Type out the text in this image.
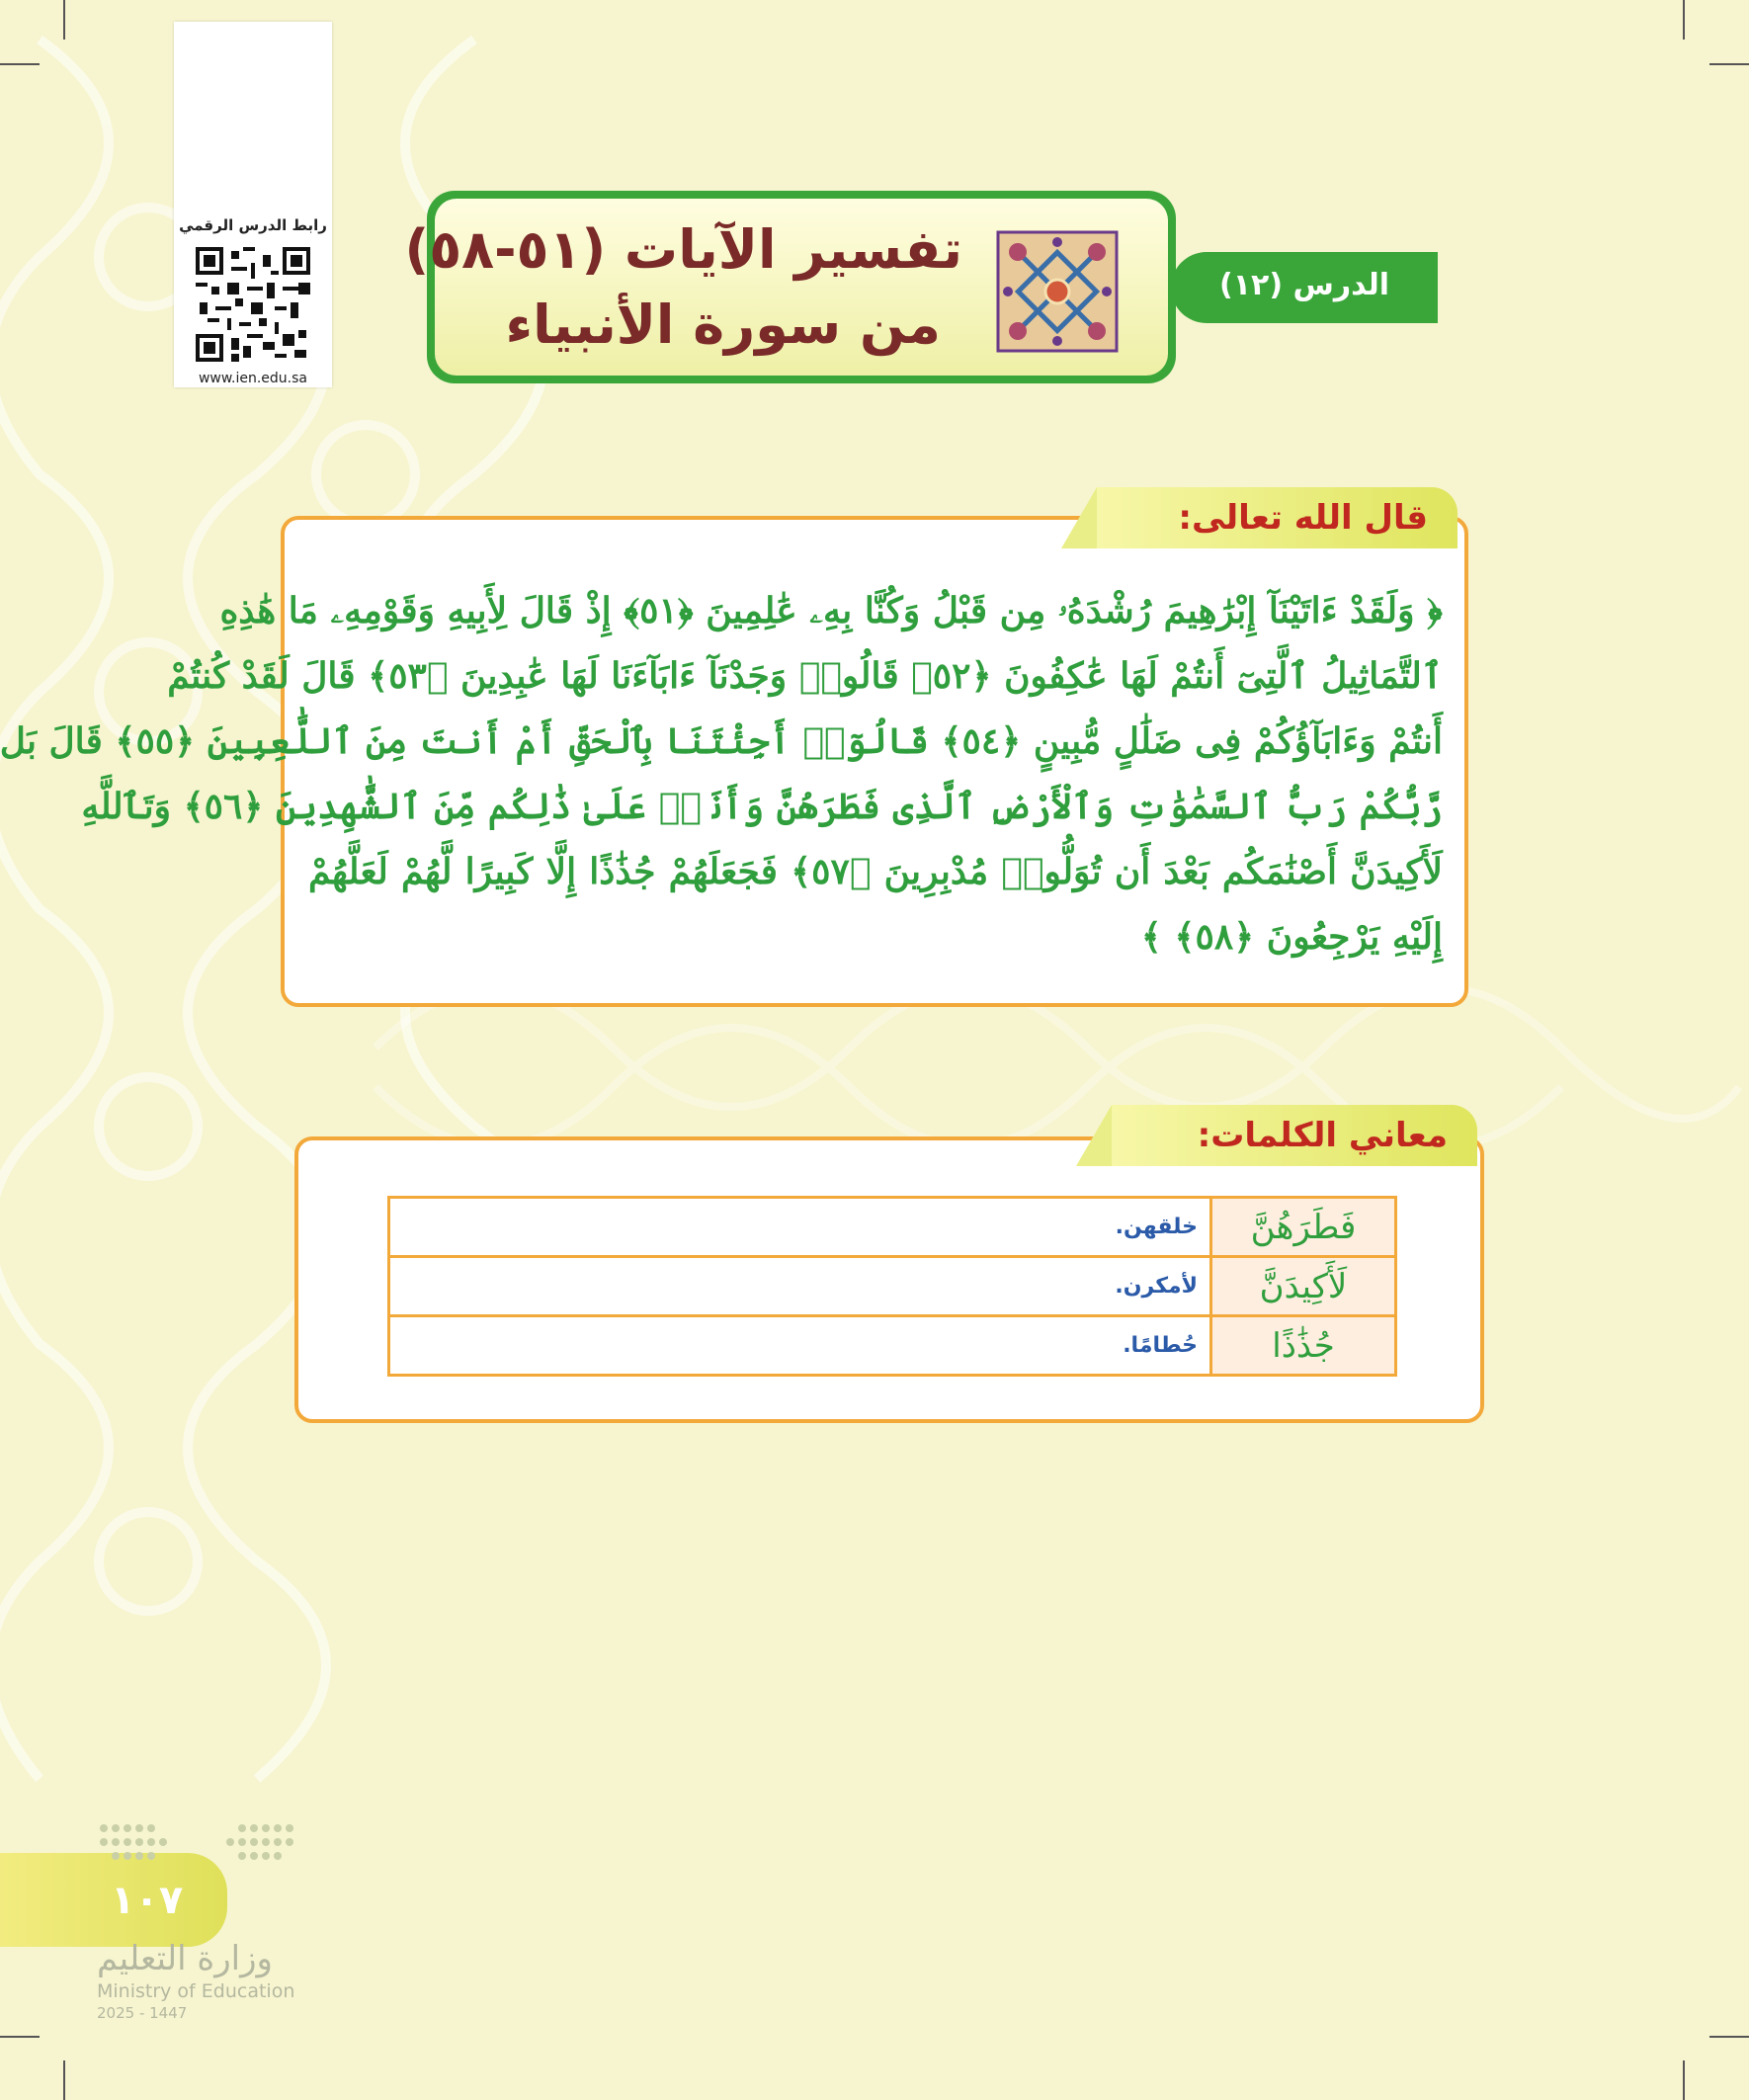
رابط الدرس الرقمي
www.ien.edu.sa
الدرس (١٢)
تفسير الآيات (٥١-٥٨)
من سورة الأنبياء
قال الله تعالى:
﴿ وَلَقَدْ ءَاتَيْنَآ إِبْرَٰهِيمَ رُشْدَهُۥ مِن قَبْلُ وَكُنَّا بِهِۦ عَٰلِمِينَ ﴿٥١﴾ إِذْ قَالَ لِأَبِيهِ وَقَوْمِهِۦ مَا هَٰذِهِ
ٱلتَّمَاثِيلُ ٱلَّتِىٓ أَنتُمْ لَهَا عَٰكِفُونَ ﴿٥٢﴾ قَالُوا۟ وَجَدْنَآ ءَابَآءَنَا لَهَا عَٰبِدِينَ ﴿٥٣﴾ قَالَ لَقَدْ كُنتُمْ
أَنتُمْ وَءَابَآؤُكُمْ فِى ضَلَٰلٍ مُّبِينٍ ﴿٥٤﴾ قَالُوٓا۟ أَجِئْتَنَا بِٱلْحَقِّ أَمْ أَنتَ مِنَ ٱللَّٰعِبِينَ ﴿٥٥﴾ قَالَ بَل
رَّبُّكُمْ رَبُّ ٱلسَّمَٰوَٰتِ وَٱلْأَرْضِ ٱلَّذِى فَطَرَهُنَّ وَأَنَا۠ عَلَىٰ ذَٰلِكُم مِّنَ ٱلشَّٰهِدِينَ ﴿٥٦﴾ وَتَٱللَّهِ
لَأَكِيدَنَّ أَصْنَٰمَكُم بَعْدَ أَن تُوَلُّوا۟ مُدْبِرِينَ ﴿٥٧﴾ فَجَعَلَهُمْ جُذَٰذًا إِلَّا كَبِيرًا لَّهُمْ لَعَلَّهُمْ
إِلَيْهِ يَرْجِعُونَ ﴿٥٨﴾ ﴾
معاني الكلمات:
فَطَرَهُنَّ	خلقهن.
لَأَكِيدَنَّ	لأمكرن.
جُذَٰذًا	حُطامًا.
١٠٧
وزارة التعليم
Ministry of Education
2025 - 1447
